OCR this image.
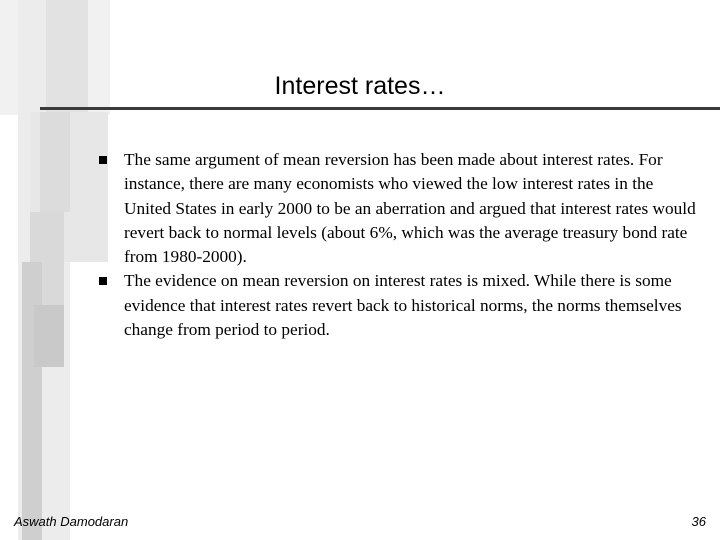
Interest rates…
The same argument of mean reversion has been made about interest rates. For instance, there are many economists who viewed the low interest rates in the United States in early 2000 to be an aberration and argued that interest rates would revert back to normal levels (about 6%, which was the average treasury bond rate from 1980-2000).
The evidence on mean reversion on interest rates is mixed. While there is some evidence that interest rates revert back to historical norms, the norms themselves change from period to period.
Aswath Damodaran	36
